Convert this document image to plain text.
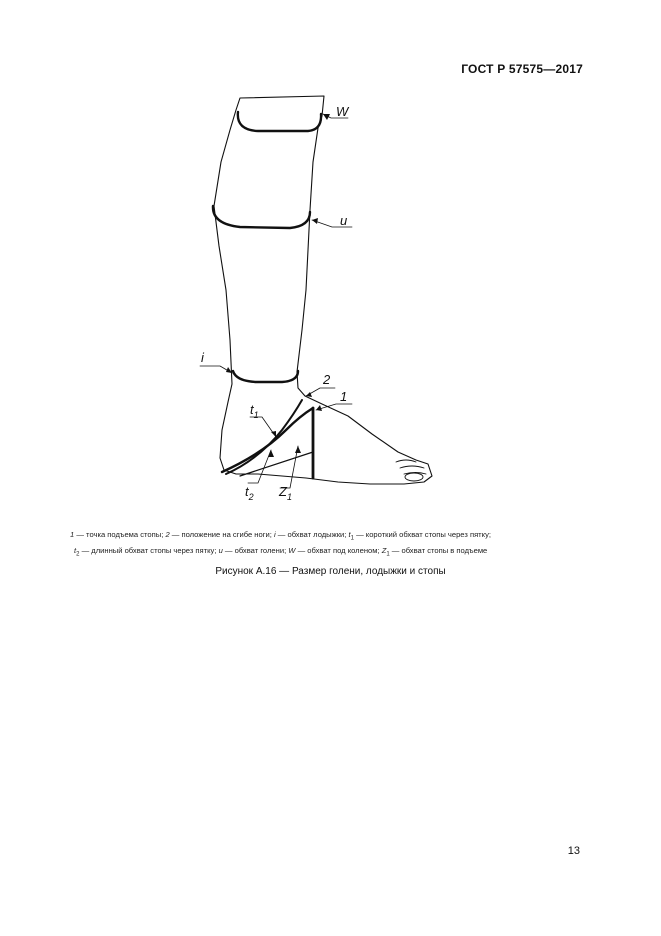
ГОСТ Р 57575—2017
W
u
i
2
1
$t_1$
$t_2$ $Z_1$
1 — точка подъема стопы; 2 — положение на сгибе ноги; i — обхват лодыжки; $t_1$ — короткий обхват стопы через пятку;
$t_2$ — длинный обхват стопы через пятку; u — обхват голени; W — обхват под коленом; $Z_1$ — обхват стопы в подъеме
Рисунок А.16 — Размер голени, лодыжки и стопы
13
